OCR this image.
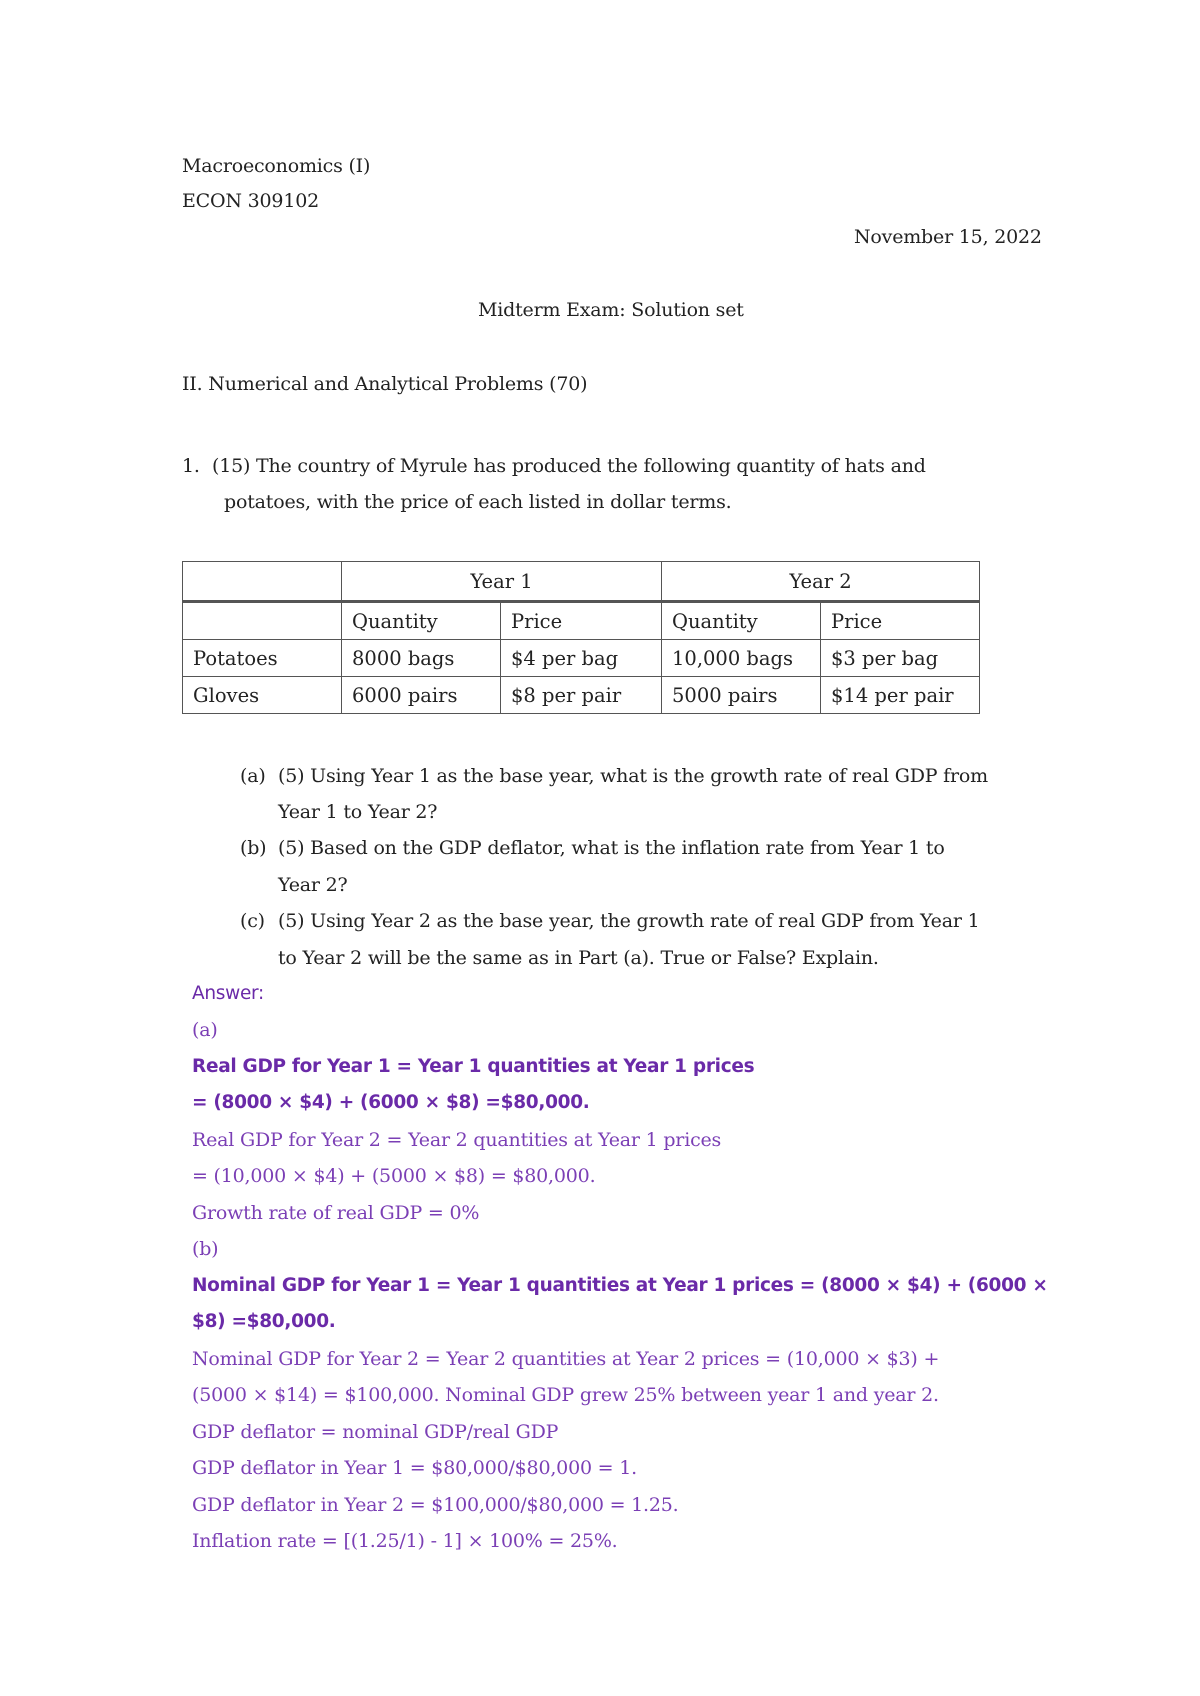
Macroeconomics (I)
ECON 309102
November 15, 2022
Midterm Exam: Solution set
II. Numerical and Analytical Problems (70)
1. (15) The country of Myrule has produced the following quantity of hats and
potatoes, with the price of each listed in dollar terms.
	Year 1		Year 2	
	Quantity	Price	Quantity	Price
Potatoes	8000 bags	$4 per bag	10,000 bags	$3 per bag
Gloves	6000 pairs	$8 per pair	5000 pairs	$14 per pair
(a) (5) Using Year 1 as the base year, what is the growth rate of real GDP from
Year 1 to Year 2?
(b) (5) Based on the GDP deflator, what is the inflation rate from Year 1 to
Year 2?
(c) (5) Using Year 2 as the base year, the growth rate of real GDP from Year 1
to Year 2 will be the same as in Part (a). True or False? Explain.
Answer:
(a)
Real GDP for Year 1 = Year 1 quantities at Year 1 prices
= (8000 × $4) + (6000 × $8) =$80,000.
Real GDP for Year 2 = Year 2 quantities at Year 1 prices
= (10,000 × $4) + (5000 × $8) = $80,000.
Growth rate of real GDP = 0%
(b)
Nominal GDP for Year 1 = Year 1 quantities at Year 1 prices = (8000 × $4) + (6000 ×
$8) =$80,000.
Nominal GDP for Year 2 = Year 2 quantities at Year 2 prices = (10,000 × $3) +
(5000 × $14) = $100,000. Nominal GDP grew 25% between year 1 and year 2.
GDP deflator = nominal GDP/real GDP
GDP deflator in Year 1 = $80,000/$80,000 = 1.
GDP deflator in Year 2 = $100,000/$80,000 = 1.25.
Inflation rate = [(1.25/1) - 1] × 100% = 25%.
